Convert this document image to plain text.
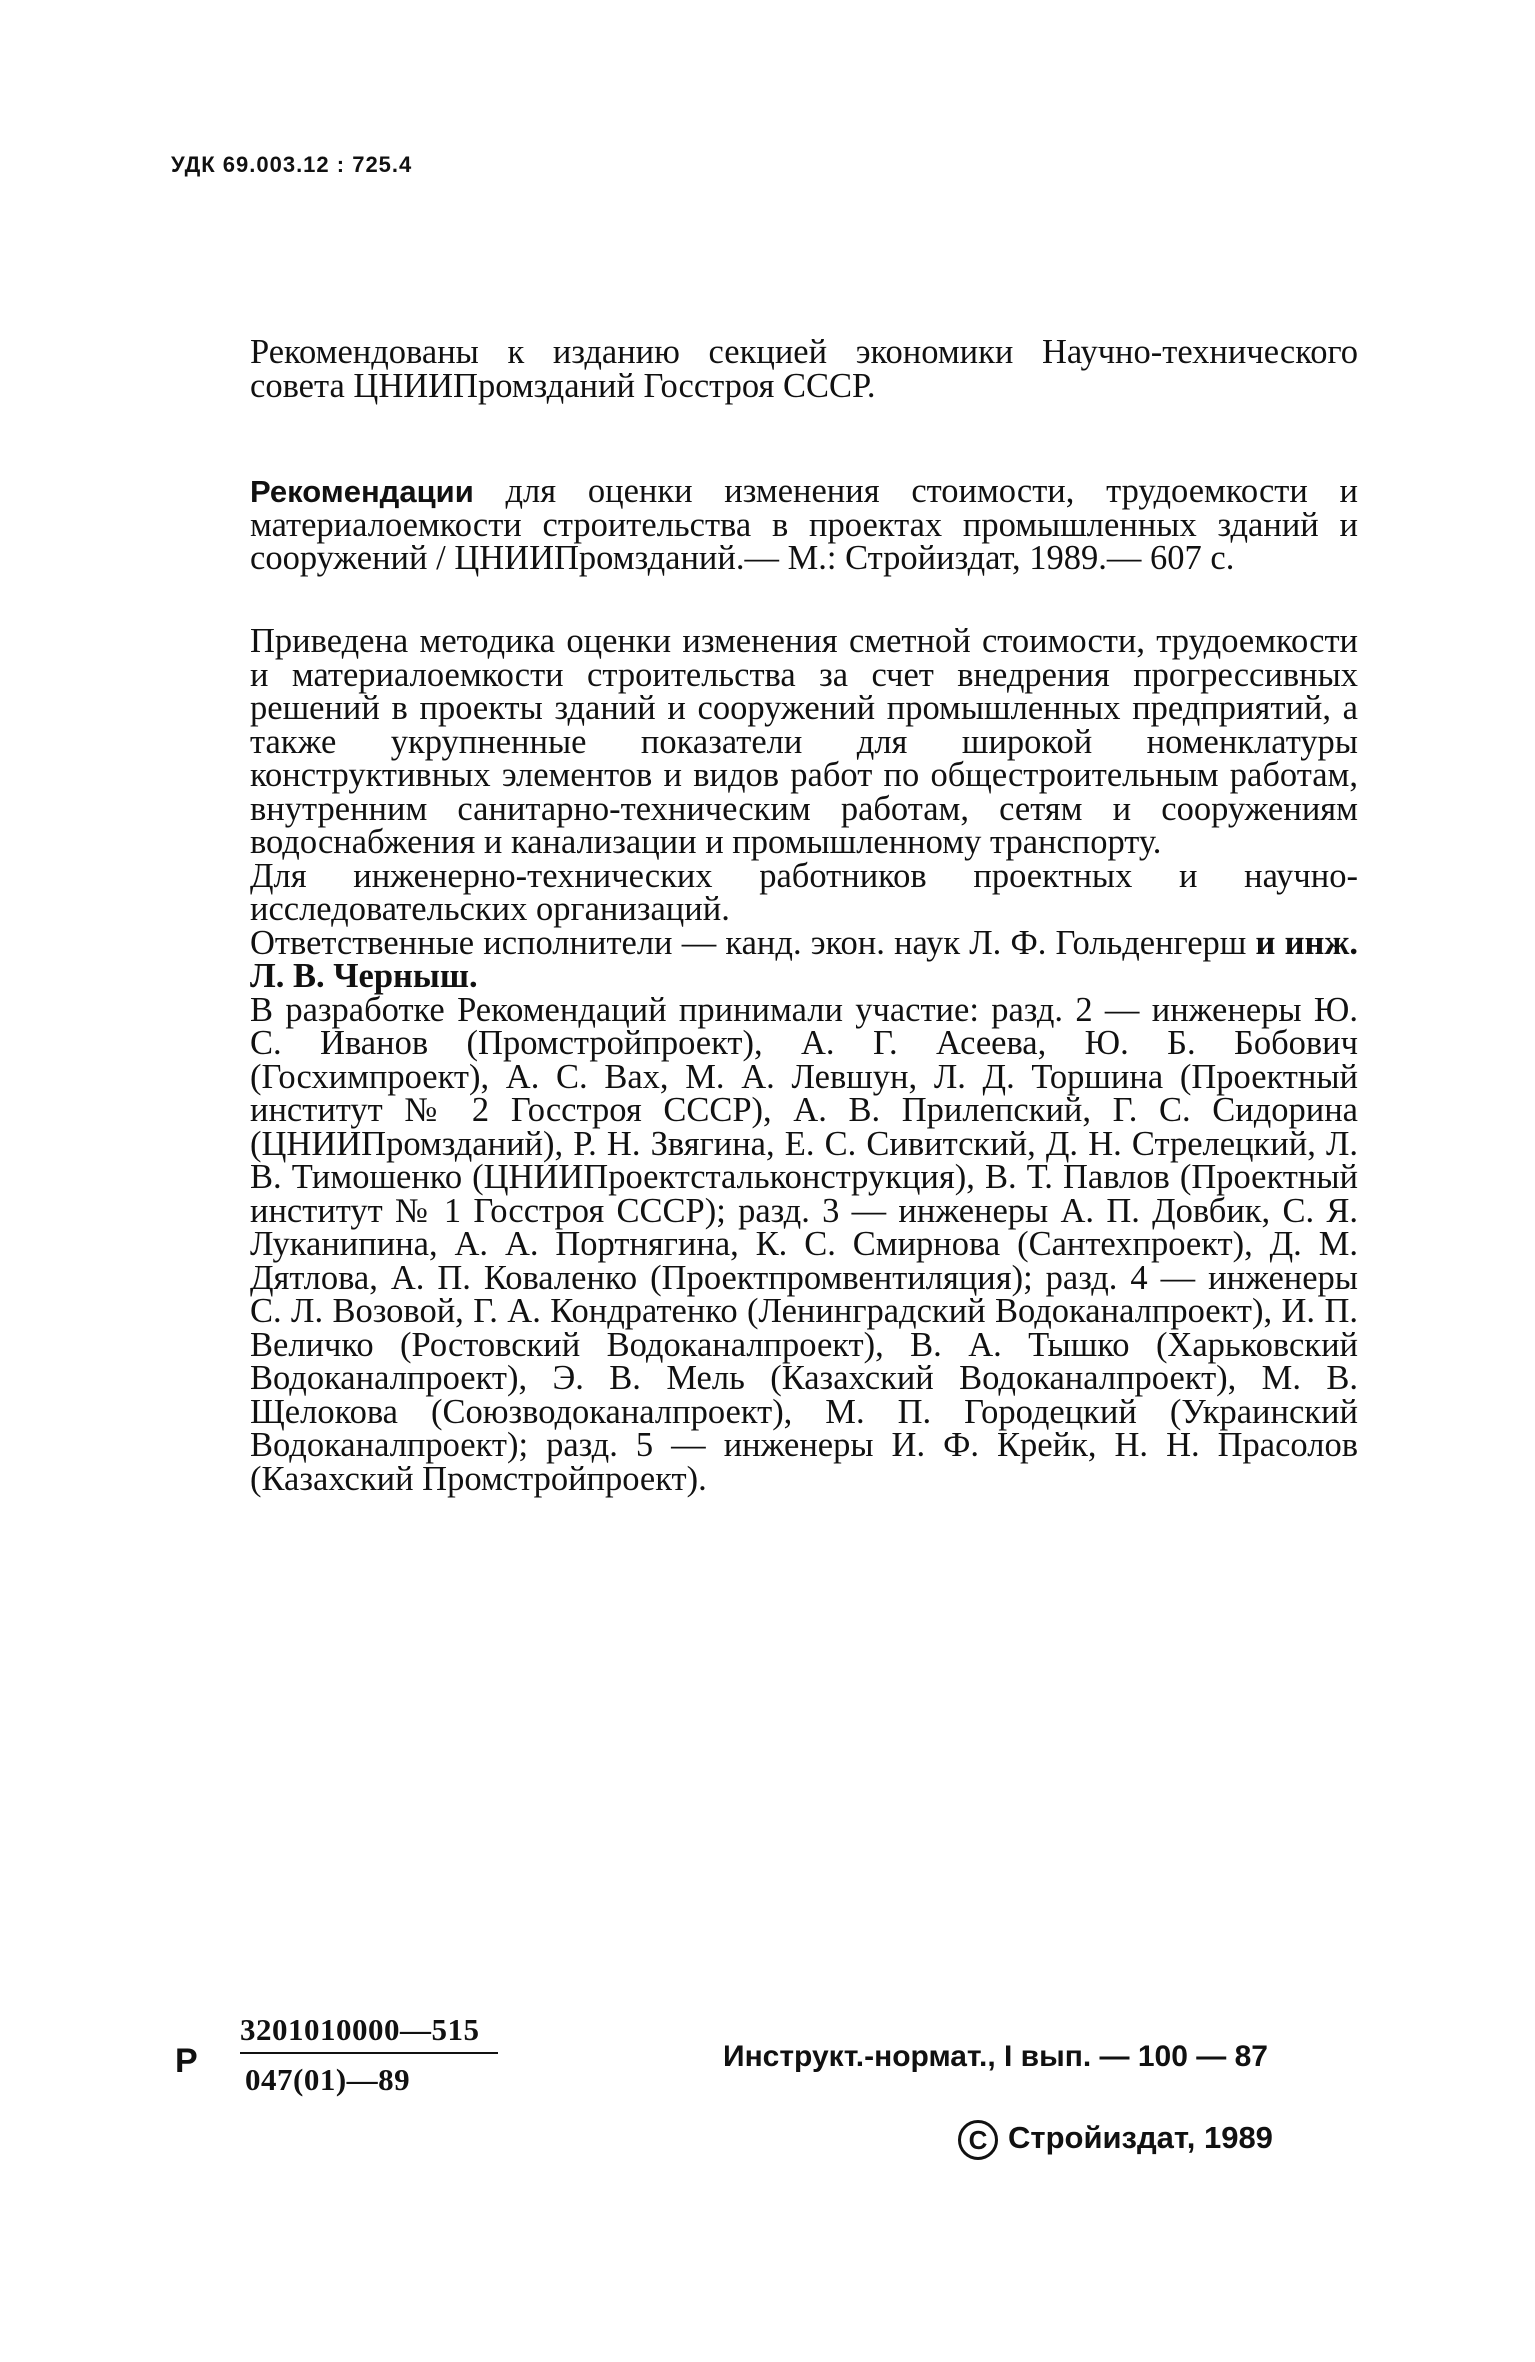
УДК 69.003.12 : 725.4

Рекомендованы к изданию секцией экономики Научно-технического совета ЦНИИПромзданий Госстроя СССР.

Рекомендации для оценки изменения стоимости, трудоемкости и материалоемкости строительства в проектах промышленных зданий и сооружений / ЦНИИПромзданий.— М.: Стройиздат, 1989.— 607 с.

Приведена методика оценки изменения сметной стоимости, трудоемкости и материалоемкости строительства за счет внедрения прогрессивных решений в проекты зданий и сооружений промышленных предприятий, а также укрупненные показатели для широкой номенклатуры конструктивных элементов и видов работ по общестроительным работам, внутренним санитарно-техническим работам, сетям и сооружениям водоснабжения и канализации и промышленному транспорту.

Для инженерно-технических работников проектных и научно-исследовательских организаций.

Ответственные исполнители — канд. экон. наук Л. Ф. Гольденгерш и инж. Л. В. Черныш.

В разработке Рекомендаций принимали участие: разд. 2 — инженеры Ю. С. Иванов (Промстройпроект), А. Г. Асеева, Ю. Б. Бобович (Госхимпроект), А. С. Вах, М. А. Левшун, Л. Д. Торшина (Проектный институт № 2 Госстроя СССР), А. В. Прилепский, Г. С. Сидорина (ЦНИИПромзданий), Р. Н. Звягина, Е. С. Сивитский, Д. Н. Стрелецкий, Л. В. Тимошенко (ЦНИИПроектстальконструкция), В. Т. Павлов (Проектный институт № 1 Госстроя СССР); разд. 3 — инженеры А. П. Довбик, С. Я. Луканипина, А. А. Портнягина, К. С. Смирнова (Сантехпроект), Д. М. Дятлова, А. П. Коваленко (Проектпромвентиляция); разд. 4 — инженеры С. Л. Возовой, Г. А. Кондратенко (Ленинградский Водоканалпроект), И. П. Величко (Ростовский Водоканалпроект), В. А. Тышко (Харьковский Водоканалпроект), Э. В. Мель (Казахский Водоканалпроект), М. В. Щелокова (Союзводоканалпроект), М. П. Городецкий (Украинский Водоканалпроект); разд. 5 — инженеры И. Ф. Крейк, Н. Н. Прасолов (Казахский Промстройпроект).

Р
3201010000—515
047(01)—89
Инструкт.-нормат., I вып. — 100 — 87
C Стройиздат, 1989
